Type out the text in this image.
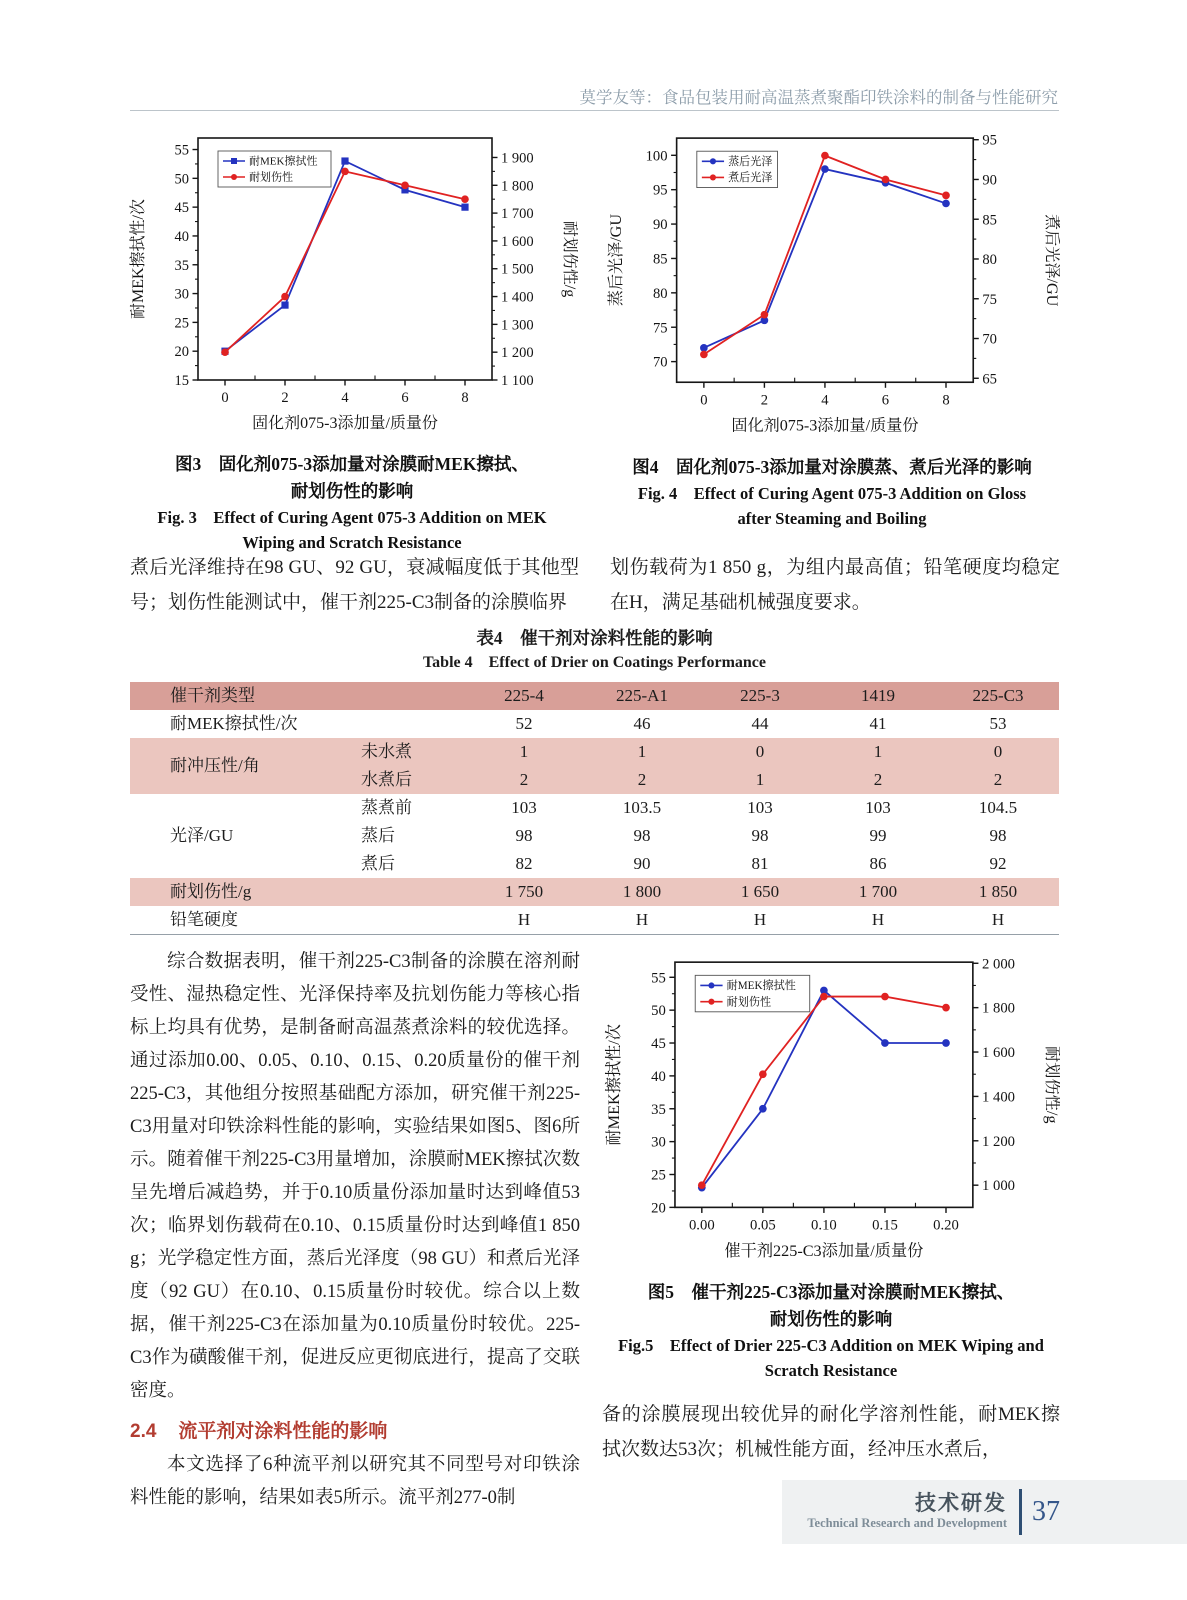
莫学友等：食品包装用耐高温蒸煮聚酯印铁涂料的制备与性能研究
15
20
25
30
35
40
45
50
55
1 100
1 200
1 300
1 400
1 500
1 600
1 700
1 800
1 900
0	2	4	6	8
耐MEK擦拭性/次	耐划伤性/g
固化剂075-3添加量/质量份
耐MEK擦拭性
耐划伤性
图3　固化剂075-3添加量对涂膜耐MEK擦拭、
耐划伤性的影响
Fig. 3　Effect of Curing Agent 075-3 Addition on MEK
Wiping and Scratch Resistance
70
75
80
85
90
95
100
65
70
75
80
85
90
95
0	2	4	6	8
蒸后光泽/GU	煮后光泽/GU
固化剂075-3添加量/质量份
蒸后光泽
煮后光泽
图4　固化剂075-3添加量对涂膜蒸、煮后光泽的影响
Fig. 4　Effect of Curing Agent 075-3 Addition on Gloss
after Steaming and Boiling

煮后光泽维持在98 GU、92 GU，衰减幅度低于其他型号；划伤性能测试中，催干剂225-C3制备的涂膜临界

划伤载荷为1 850 g，为组内最高值；铅笔硬度均稳定在H，满足基础机械强度要求。

表4　催干剂对涂料性能的影响
Table 4　Effect of Drier on Coatings Performance
催干剂类型		225-4	225-A1	225-3	1419	225-C3
耐MEK擦拭性/次		52	46	44	41	53
耐冲压性/角	未水煮	1	1	0	1	0
	水煮后	2	2	1	2	2
光泽/GU	蒸煮前	103	103.5	103	103	104.5
	蒸后	98	98	98	99	98
	煮后	82	90	81	86	92
耐划伤性/g		1 750	1 800	1 650	1 700	1 850
铅笔硬度		H	H	H	H	H

综合数据表明，催干剂225-C3制备的涂膜在溶剂耐受性、湿热稳定性、光泽保持率及抗划伤能力等核心指标上均具有优势，是制备耐高温蒸煮涂料的较优选择。通过添加0.00、0.05、0.10、0.15、0.20质量份的催干剂225-C3，其他组分按照基础配方添加，研究催干剂225-C3用量对印铁涂料性能的影响，实验结果如图5、图6所示。随着催干剂225-C3用量增加，涂膜耐MEK擦拭次数呈先增后减趋势，并于0.10质量份添加量时达到峰值53次；临界划伤载荷在0.10、0.15质量份时达到峰值1 850 g；光学稳定性方面，蒸后光泽度（98 GU）和煮后光泽度（92 GU）在0.10、0.15质量份时较优。综合以上数据，催干剂225-C3在添加量为0.10质量份时较优。225-C3作为磺酸催干剂，促进反应更彻底进行，提高了交联密度。

2.4 流平剂对涂料性能的影响

本文选择了6种流平剂以研究其不同型号对印铁涂料性能的影响，结果如表5所示。流平剂277-0制

20
25
30
35
40
45
50
55
1 000
1 200
1 400
1 600
1 800
2 000
0.00 0.05 0.10 0.15 0.20
耐MEK擦拭性/次	耐划伤性/g
催干剂225-C3添加量/质量份
耐MEK擦拭性
耐划伤性
图5　催干剂225-C3添加量对涂膜耐MEK擦拭、
耐划伤性的影响
Fig.5　Effect of Drier 225-C3 Addition on MEK Wiping and
Scratch Resistance

备的涂膜展现出较优异的耐化学溶剂性能，耐MEK擦拭次数达53次；机械性能方面，经冲压水煮后，

技术研发
Technical Research and Development 37
